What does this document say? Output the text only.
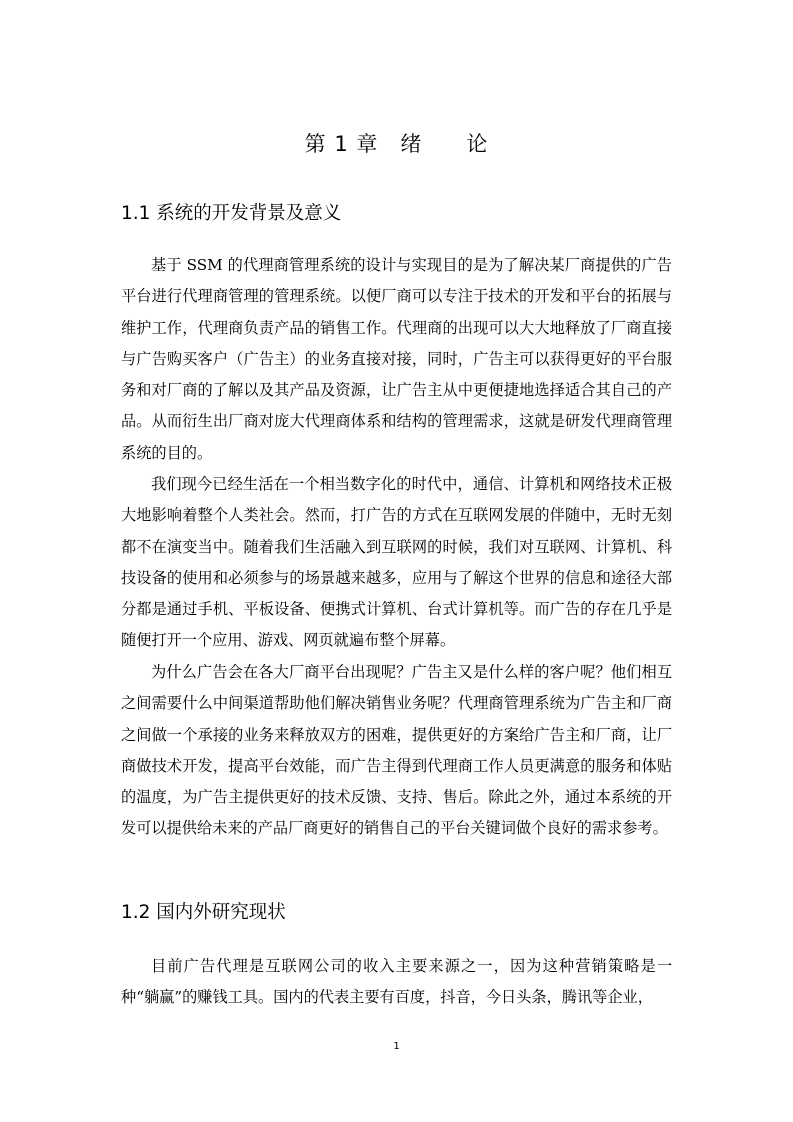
第 1 章　绪　　论
1.1 系统的开发背景及意义

基于 SSM 的代理商管理系统的设计与实现目的是为了解决某厂商提供的广告平台进行代理商管理的管理系统。以便厂商可以专注于技术的开发和平台的拓展与维护工作，代理商负责产品的销售工作。代理商的出现可以大大地释放了厂商直接与广告购买客户（广告主）的业务直接对接，同时，广告主可以获得更好的平台服务和对厂商的了解以及其产品及资源，让广告主从中更便捷地选择适合其自己的产品。从而衍生出厂商对庞大代理商体系和结构的管理需求，这就是研发代理商管理系统的目的。

我们现今已经生活在一个相当数字化的时代中，通信、计算机和网络技术正极大地影响着整个人类社会。然而，打广告的方式在互联网发展的伴随中，无时无刻都不在演变当中。随着我们生活融入到互联网的时候，我们对互联网、计算机、科技设备的使用和必须参与的场景越来越多，应用与了解这个世界的信息和途径大部分都是通过手机、平板设备、便携式计算机、台式计算机等。而广告的存在几乎是随便打开一个应用、游戏、网页就遍布整个屏幕。

为什么广告会在各大厂商平台出现呢？广告主又是什么样的客户呢？他们相互之间需要什么中间渠道帮助他们解决销售业务呢？代理商管理系统为广告主和厂商之间做一个承接的业务来释放双方的困难，提供更好的方案给广告主和厂商，让厂商做技术开发，提高平台效能，而广告主得到代理商工作人员更满意的服务和体贴的温度，为广告主提供更好的技术反馈、支持、售后。除此之外，通过本系统的开发可以提供给未来的产品厂商更好的销售自己的平台关键词做个良好的需求参考。

1.2 国内外研究现状

目前广告代理是互联网公司的收入主要来源之一，因为这种营销策略是一种“躺赢”的赚钱工具。国内的代表主要有百度，抖音，今日头条，腾讯等企业，

1
